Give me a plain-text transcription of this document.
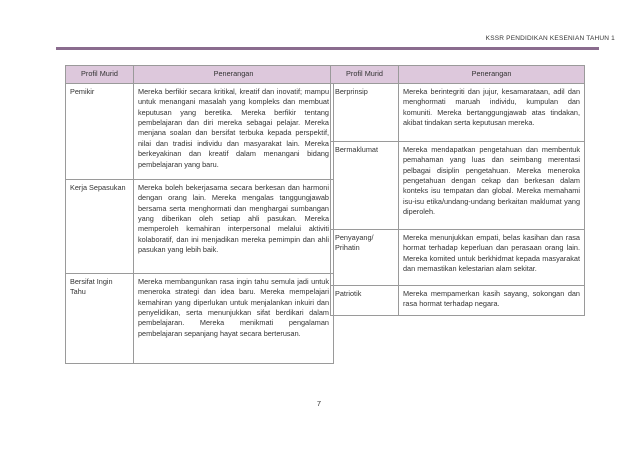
KSSR PENDIDIKAN KESENIAN TAHUN 1
Profil Murid	Penerangan
Pemikir	Mereka berfikir secara kritikal, kreatif dan inovatif; mampu untuk menangani masalah yang kompleks dan membuat keputusan yang beretika. Mereka berfikir tentang pembelajaran dan diri mereka sebagai pelajar. Mereka menjana soalan dan bersifat terbuka kepada perspektif, nilai dan tradisi individu dan masyarakat lain. Mereka berkeyakinan dan kreatif dalam menangani bidang pembelajaran yang baru.
Kerja Sepasukan	Mereka boleh bekerjasama secara berkesan dan harmoni dengan orang lain. Mereka mengalas tanggungjawab bersama serta menghormati dan menghargai sumbangan yang diberikan oleh setiap ahli pasukan. Mereka memperoleh kemahiran interpersonal melalui aktiviti kolaboratif, dan ini menjadikan mereka pemimpin dan ahli pasukan yang lebih baik.
Bersifat Ingin Tahu	Mereka membangunkan rasa ingin tahu semula jadi untuk meneroka strategi dan idea baru. Mereka mempelajari kemahiran yang diperlukan untuk menjalankan inkuiri dan penyelidikan, serta menunjukkan sifat berdikari dalam pembelajaran. Mereka menikmati pengalaman pembelajaran sepanjang hayat secara berterusan.
Profil Murid	Penerangan
Berprinsip	Mereka berintegriti dan jujur, kesamarataan, adil dan menghormati maruah individu, kumpulan dan komuniti. Mereka bertanggungjawab atas tindakan, akibat tindakan serta keputusan mereka.
Bermaklumat	Mereka mendapatkan pengetahuan dan membentuk pemahaman yang luas dan seimbang merentasi pelbagai disiplin pengetahuan. Mereka meneroka pengetahuan dengan cekap dan berkesan dalam konteks isu tempatan dan global. Mereka memahami isu-isu etika/undang-undang berkaitan maklumat yang diperoleh.
Penyayang/ Prihatin	Mereka menunjukkan empati, belas kasihan dan rasa hormat terhadap keperluan dan perasaan orang lain. Mereka komited untuk berkhidmat kepada masyarakat dan memastikan kelestarian alam sekitar.
Patriotik	Mereka mempamerkan kasih sayang, sokongan dan rasa hormat terhadap negara.
7
